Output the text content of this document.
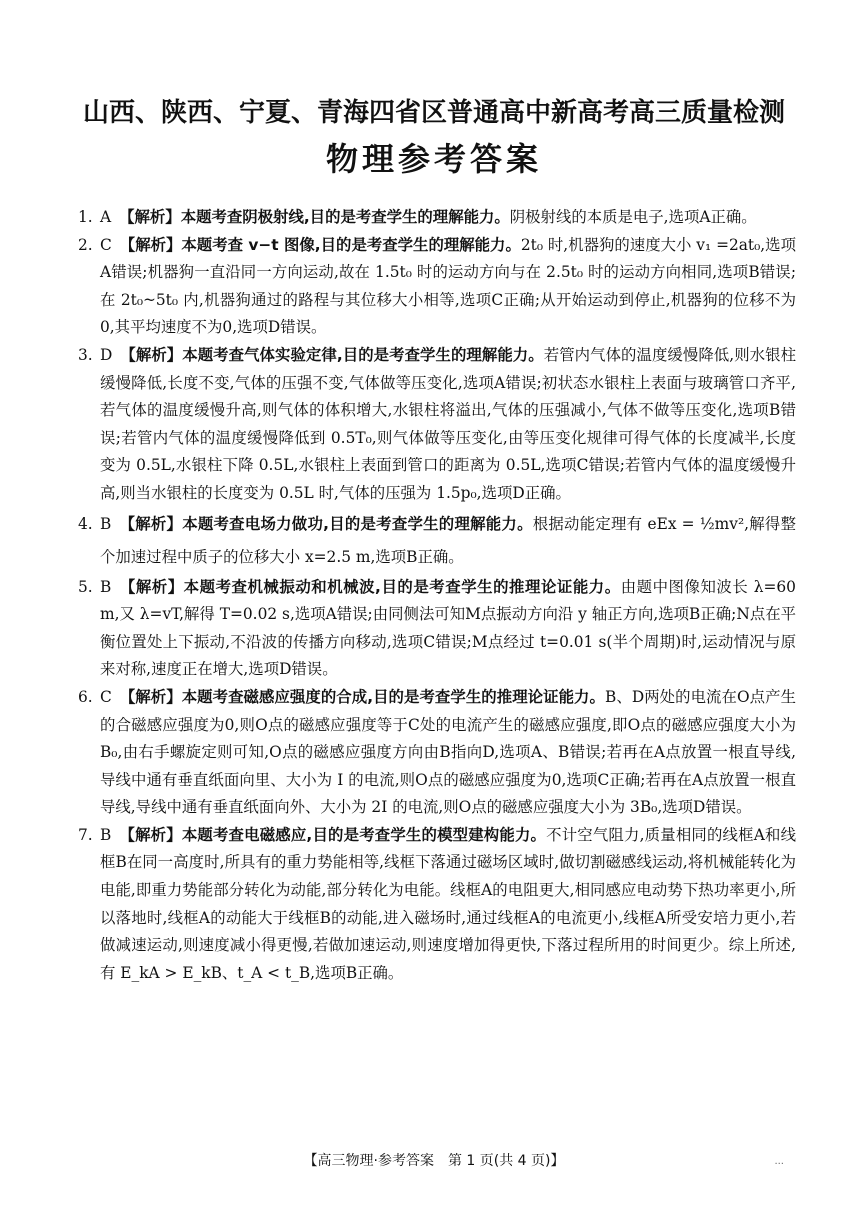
山西、陕西、宁夏、青海四省区普通高中新高考高三质量检测
物理参考答案

1. A 【解析】本题考查阴极射线,目的是考查学生的理解能力。阴极射线的本质是电子,选项A正确。

2. C 【解析】本题考查 v−t 图像,目的是考查学生的理解能力。2t₀ 时,机器狗的速度大小 v₁ =2at₀,选项A错误;机器狗一直沿同一方向运动,故在 1.5t₀ 时的运动方向与在 2.5t₀ 时的运动方向相同,选项B错误;在 2t₀~5t₀ 内,机器狗通过的路程与其位移大小相等,选项C正确;从开始运动到停止,机器狗的位移不为0,其平均速度不为0,选项D错误。

3. D 【解析】本题考查气体实验定律,目的是考查学生的理解能力。若管内气体的温度缓慢降低,则水银柱缓慢降低,长度不变,气体的压强不变,气体做等压变化,选项A错误;初状态水银柱上表面与玻璃管口齐平,若气体的温度缓慢升高,则气体的体积增大,水银柱将溢出,气体的压强减小,气体不做等压变化,选项B错误;若管内气体的温度缓慢降低到 0.5T₀,则气体做等压变化,由等压变化规律可得气体的长度减半,长度变为 0.5L,水银柱下降 0.5L,水银柱上表面到管口的距离为 0.5L,选项C错误;若管内气体的温度缓慢升高,则当水银柱的长度变为 0.5L 时,气体的压强为 1.5p₀,选项D正确。

4. B 【解析】本题考查电场力做功,目的是考查学生的理解能力。根据动能定理有 eEx = ½mv²,解得整个加速过程中质子的位移大小 x=2.5 m,选项B正确。

5. B 【解析】本题考查机械振动和机械波,目的是考查学生的推理论证能力。由题中图像知波长 λ=60 m,又 λ=vT,解得 T=0.02 s,选项A错误;由同侧法可知M点振动方向沿 y 轴正方向,选项B正确;N点在平衡位置处上下振动,不沿波的传播方向移动,选项C错误;M点经过 t=0.01 s(半个周期)时,运动情况与原来对称,速度正在增大,选项D错误。

6. C 【解析】本题考查磁感应强度的合成,目的是考查学生的推理论证能力。B、D两处的电流在O点产生的合磁感应强度为0,则O点的磁感应强度等于C处的电流产生的磁感应强度,即O点的磁感应强度大小为 B₀,由右手螺旋定则可知,O点的磁感应强度方向由B指向D,选项A、B错误;若再在A点放置一根直导线,导线中通有垂直纸面向里、大小为 I 的电流,则O点的磁感应强度为0,选项C正确;若再在A点放置一根直导线,导线中通有垂直纸面向外、大小为 2I 的电流,则O点的磁感应强度大小为 3B₀,选项D错误。

7. B 【解析】本题考查电磁感应,目的是考查学生的模型建构能力。不计空气阻力,质量相同的线框A和线框B在同一高度时,所具有的重力势能相等,线框下落通过磁场区域时,做切割磁感线运动,将机械能转化为电能,即重力势能部分转化为动能,部分转化为电能。线框A的电阻更大,相同感应电动势下热功率更小,所以落地时,线框A的动能大于线框B的动能,进入磁场时,通过线框A的电流更小,线框A所受安培力更小,若做减速运动,则速度减小得更慢,若做加速运动,则速度增加得更快,下落过程所用的时间更少。综上所述,有 E_kA > E_kB、t_A < t_B,选项B正确。

【高三物理·参考答案　第 1 页(共 4 页)】	...
